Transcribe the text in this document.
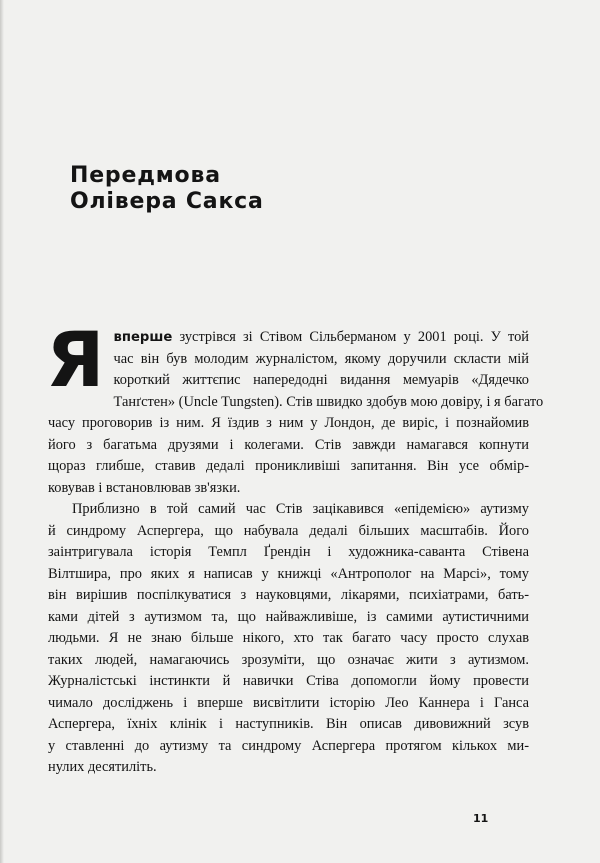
Передмова
Олівера Сакса

Я вперше зустрівся зі Стівом Сільберманом у 2001 році. У той
час він був молодим журналістом, якому доручили скласти мій
короткий життєпис напередодні видання мемуарів «Дядечко
Танґстен» (Uncle Tungsten). Стів швидко здобув мою довіру, і я багато
часу проговорив із ним. Я їздив з ним у Лондон, де виріс, і познайомив
його з багатьма друзями і колегами. Стів завжди намагався копнути
щораз глибше, ставив дедалі проникливіші запитання. Він усе обмір-
ковував і встановлював зв'язки.

Приблизно в той самий час Стів зацікавився «епідемією» аутизму
й синдрому Аспергера, що набувала дедалі більших масштабів. Його
заінтригувала історія Темпл Ґрендін і художника-саванта Стівена
Вілтшира, про яких я написав у книжці «Антрополог на Марсі», тому
він вирішив поспілкуватися з науковцями, лікарями, психіатрами, бать-
ками дітей з аутизмом та, що найважливіше, із самими аутистичними
людьми. Я не знаю більше нікого, хто так багато часу просто слухав
таких людей, намагаючись зрозуміти, що означає жити з аутизмом.
Журналістські інстинкти й навички Стіва допомогли йому провести
чимало досліджень і вперше висвітлити історію Лео Каннера і Ганса
Аспергера, їхніх клінік і наступників. Він описав дивовижний зсув
у ставленні до аутизму та синдрому Аспергера протягом кількох ми-
нулих десятиліть.

11
